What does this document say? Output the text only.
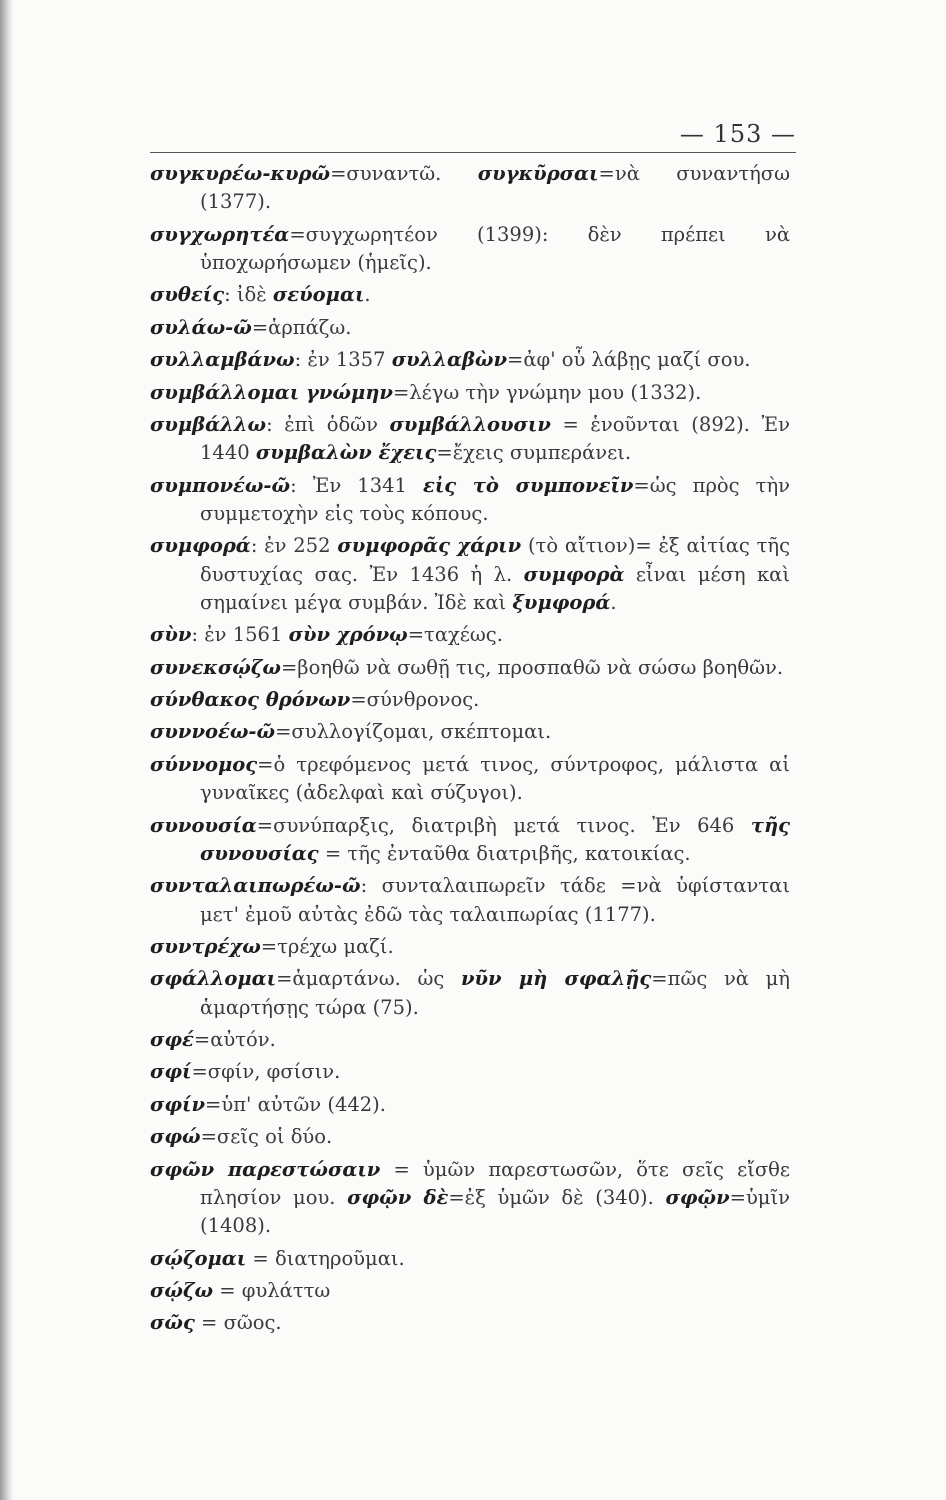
— 153 —

συγκυρέω-κυρῶ=συναντῶ. συγκῦρσαι=νὰ συναντήσω (1377).

συγχωρητέα=συγχωρητέον (1399): δὲν πρέπει νὰ ὑποχωρήσωμεν (ἡμεῖς).

συθείς: ἰδὲ σεύομαι.

συλάω-ῶ=ἁρπάζω.

συλλαμβάνω: ἐν 1357 συλλαβὼν=ἀφ' οὗ λάβῃς μαζί σου.

συμβάλλομαι γνώμην=λέγω τὴν γνώμην μου (1332).

συμβάλλω: ἐπὶ ὁδῶν συμβάλλουσιν = ἑνοῦνται (892). Ἐν 1440 συμβαλὼν ἔχεις=ἔχεις συμπεράνει.

συμπονέω-ῶ: Ἐν 1341 εἰς τὸ συμπονεῖν=ὡς πρὸς τὴν συμμετοχὴν εἰς τοὺς κόπους.

συμφορά: ἐν 252 συμφορᾶς χάριν (τὸ αἴτιον)= ἐξ αἰτίας τῆς δυστυχίας σας. Ἐν 1436 ἡ λ. συμφορὰ εἶναι μέση καὶ σημαίνει μέγα συμβάν. Ἰδὲ καὶ ξυμφορά.

σὺν: ἐν 1561 σὺν χρόνῳ=ταχέως.

συνεκσῴζω=βοηθῶ νὰ σωθῇ τις, προσπαθῶ νὰ σώσω βοηθῶν.

σύνθακος θρόνων=σύνθρονος.

συννοέω-ῶ=συλλογίζομαι, σκέπτομαι.

σύννομος=ὁ τρεφόμενος μετά τινος, σύντροφος, μάλιστα αἱ γυναῖκες (ἀδελφαὶ καὶ σύζυγοι).

συνουσία=συνύπαρξις, διατριβὴ μετά τινος. Ἐν 646 τῆς συνουσίας = τῆς ἐνταῦθα διατριβῆς, κατοικίας.

συνταλαιπωρέω-ῶ: συνταλαιπωρεῖν τάδε =νὰ ὑφίστανται μετ' ἐμοῦ αὐτὰς ἐδῶ τὰς ταλαιπωρίας (1177).

συντρέχω=τρέχω μαζί.

σφάλλομαι=ἁμαρτάνω. ὡς νῦν μὴ σφαλῇς=πῶς νὰ μὴ ἁμαρτήσῃς τώρα (75).

σφέ=αὐτόν.

σφί=σφίν, φσίσιν.

σφίν=ὑπ' αὐτῶν (442).

σφώ=σεῖς οἱ δύο.

σφῶν παρεστώσαιν = ὑμῶν παρεστωσῶν, ὅτε σεῖς εἴσθε πλησίον μου. σφῷν δὲ=ἐξ ὑμῶν δὲ (340). σφῷν=ὑμῖν (1408).

σῴζομαι = διατηροῦμαι.

σῴζω = φυλάττω

σῶς = σῶος.
